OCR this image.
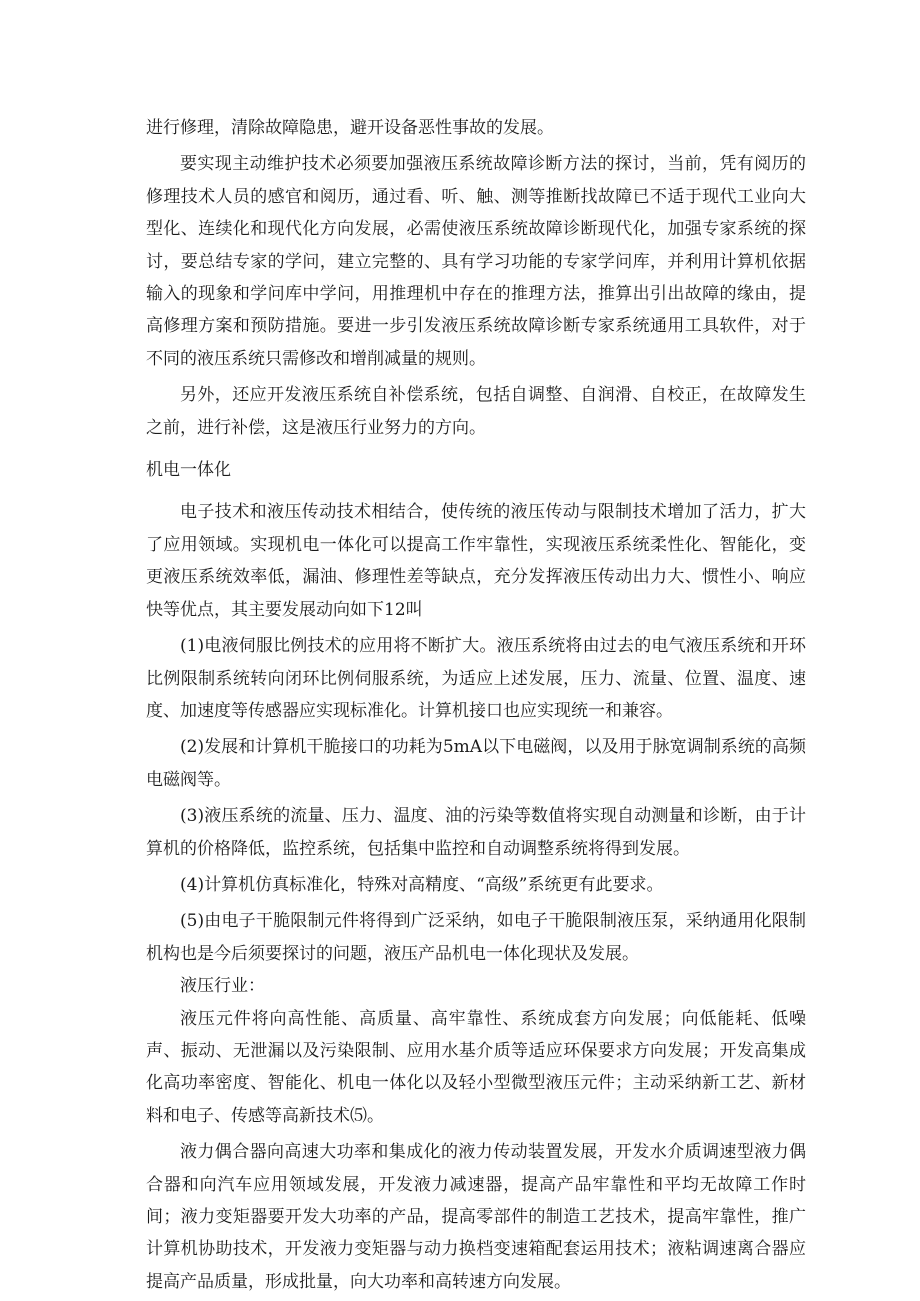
进行修理，清除故障隐患，避开设备恶性事故的发展。

要实现主动维护技术必须要加强液压系统故障诊断方法的探讨，当前，凭有阅历的修理技术人员的感官和阅历，通过看、听、触、测等推断找故障已不适于现代工业向大型化、连续化和现代化方向发展，必需使液压系统故障诊断现代化，加强专家系统的探讨，要总结专家的学问，建立完整的、具有学习功能的专家学问库，并利用计算机依据输入的现象和学问库中学问，用推理机中存在的推理方法，推算出引出故障的缘由，提高修理方案和预防措施。要进一步引发液压系统故障诊断专家系统通用工具软件，对于不同的液压系统只需修改和增削减量的规则。

另外，还应开发液压系统自补偿系统，包括自调整、自润滑、自校正，在故障发生之前，进行补偿，这是液压行业努力的方向。

机电一体化

电子技术和液压传动技术相结合，使传统的液压传动与限制技术增加了活力，扩大了应用领域。实现机电一体化可以提高工作牢靠性，实现液压系统柔性化、智能化，变更液压系统效率低，漏油、修理性差等缺点，充分发挥液压传动出力大、惯性小、响应快等优点，其主要发展动向如下12叫

(1)电液伺服比例技术的应用将不断扩大。液压系统将由过去的电气液压系统和开环比例限制系统转向闭环比例伺服系统，为适应上述发展，压力、流量、位置、温度、速度、加速度等传感器应实现标准化。计算机接口也应实现统一和兼容。

(2)发展和计算机干脆接口的功耗为5mA以下电磁阀，以及用于脉宽调制系统的高频电磁阀等。

(3)液压系统的流量、压力、温度、油的污染等数值将实现自动测量和诊断，由于计算机的价格降低，监控系统，包括集中监控和自动调整系统将得到发展。

(4)计算机仿真标准化，特殊对高精度、“高级”系统更有此要求。

(5)由电子干脆限制元件将得到广泛采纳，如电子干脆限制液压泵，采纳通用化限制机构也是今后须要探讨的问题，液压产品机电一体化现状及发展。

液压行业：

液压元件将向高性能、高质量、高牢靠性、系统成套方向发展；向低能耗、低噪声、振动、无泄漏以及污染限制、应用水基介质等适应环保要求方向发展；开发高集成化高功率密度、智能化、机电一体化以及轻小型微型液压元件；主动采纳新工艺、新材料和电子、传感等高新技术⑸。

液力偶合器向高速大功率和集成化的液力传动装置发展，开发水介质调速型液力偶合器和向汽车应用领域发展，开发液力减速器，提高产品牢靠性和平均无故障工作时间；液力变矩器要开发大功率的产品，提高零部件的制造工艺技术，提高牢靠性，推广计算机协助技术，开发液力变矩器与动力换档变速箱配套运用技术；液粘调速离合器应提高产品质量，形成批量，向大功率和高转速方向发展。
